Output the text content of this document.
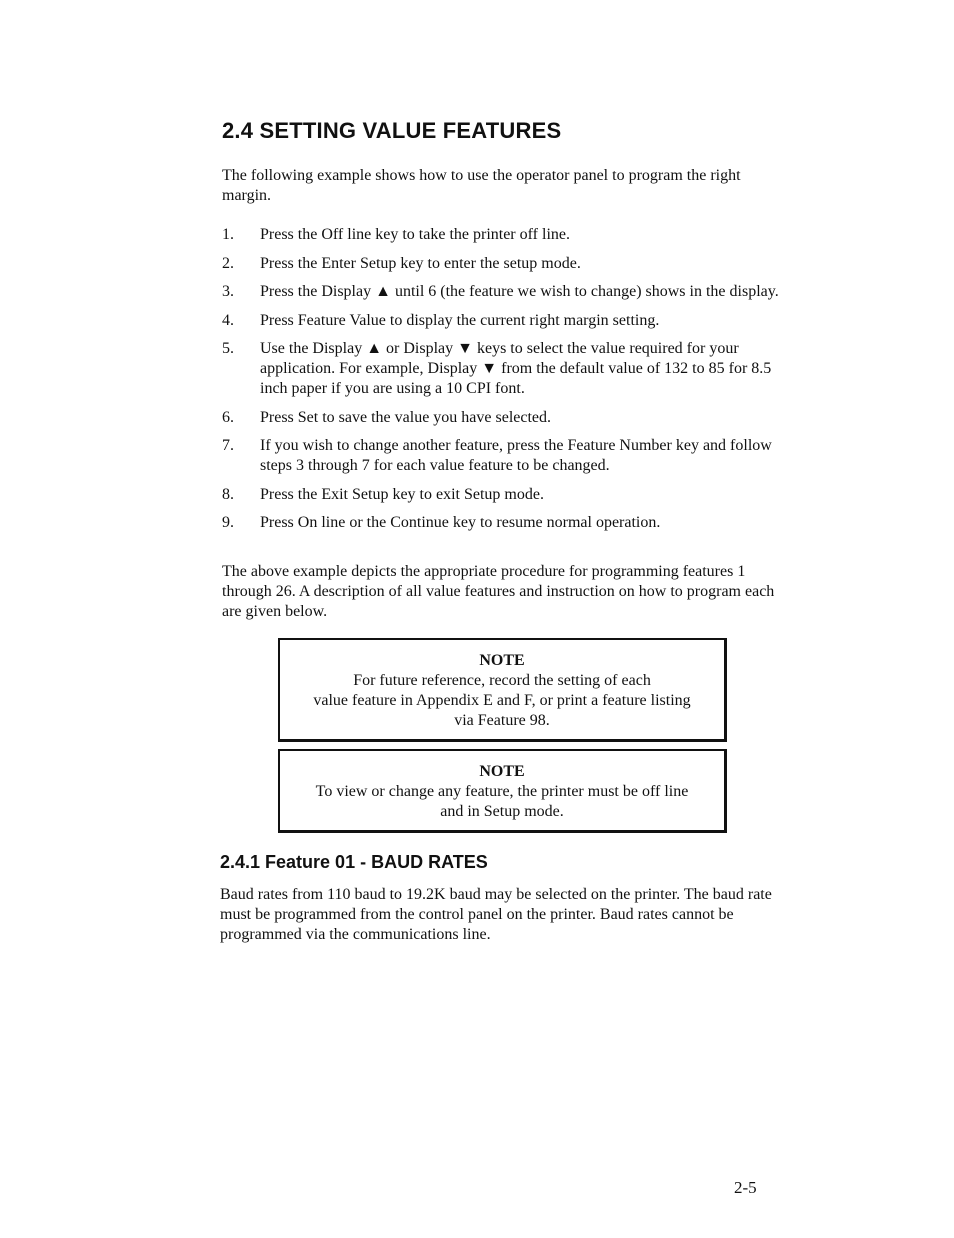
2.4 SETTING VALUE FEATURES

The following example shows how to use the operator panel to program the right margin.

1. Press the Off line key to take the printer off line.
2. Press the Enter Setup key to enter the setup mode.
3. Press the Display ▲ until 6 (the feature we wish to change) shows in the display.
4. Press Feature Value to display the current right margin setting.
5. Use the Display ▲ or Display ▼ keys to select the value required for your application. For example, Display ▼ from the default value of 132 to 85 for 8.5 inch paper if you are using a 10 CPI font.
6. Press Set to save the value you have selected.
7. If you wish to change another feature, press the Feature Number key and follow steps 3 through 7 for each value feature to be changed.
8. Press the Exit Setup key to exit Setup mode.
9. Press On line or the Continue key to resume normal operation.

The above example depicts the appropriate procedure for programming features 1 through 26. A description of all value features and instruction on how to program each are given below.

NOTE
For future reference, record the setting of each
value feature in Appendix E and F, or print a feature listing
via Feature 98.
NOTE
To view or change any feature, the printer must be off line
and in Setup mode.
2.4.1 Feature 01 - BAUD RATES

Baud rates from 110 baud to 19.2K baud may be selected on the printer. The baud rate must be programmed from the control panel on the printer. Baud rates cannot be programmed via the communications line.

2-5
